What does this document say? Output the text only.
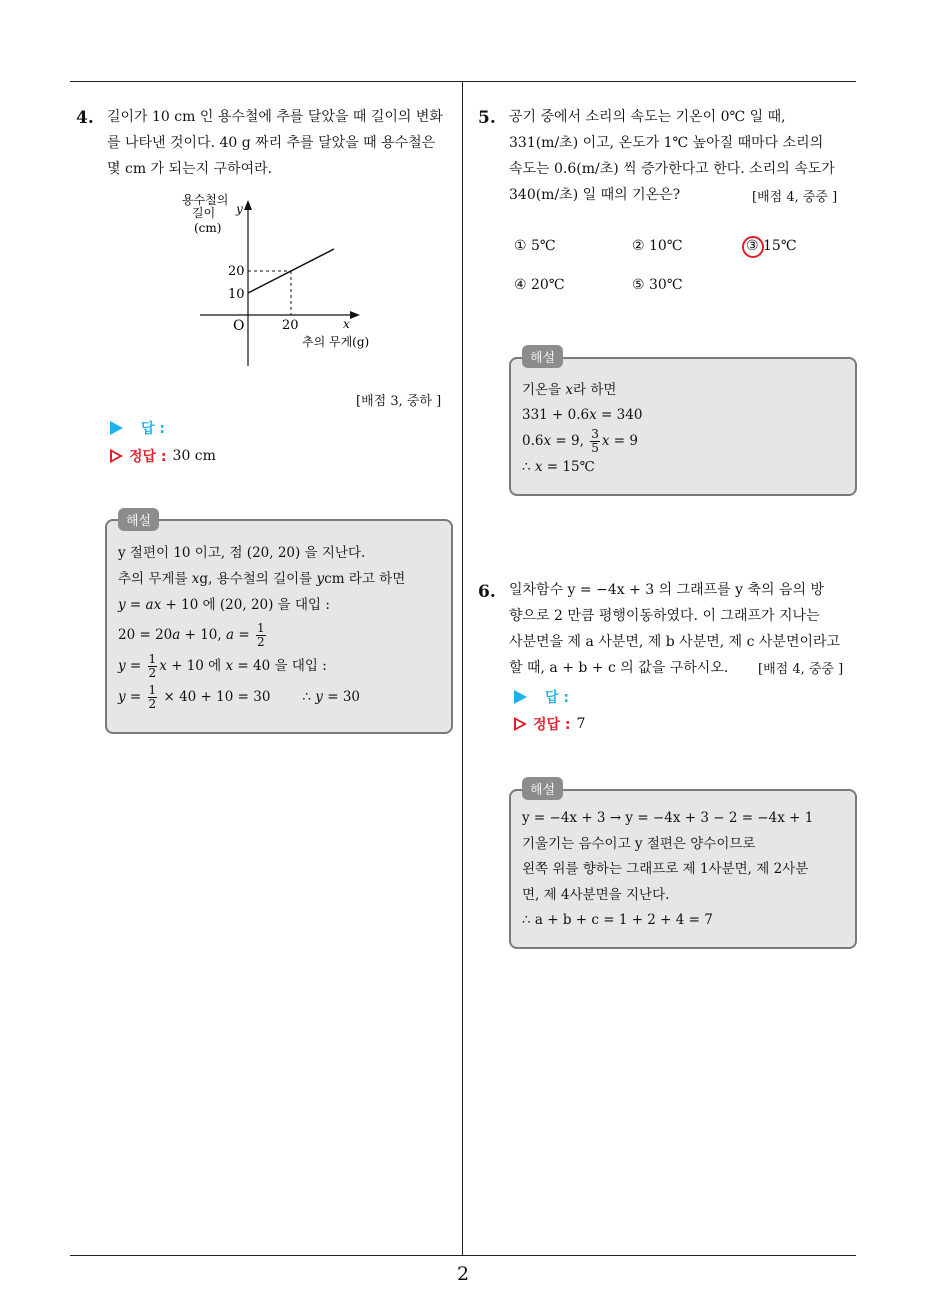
2
4. 길이가 10 cm 인 용수철에 추를 달았을 때 길이의 변화

를 나타낸 것이다. 40 g 짜리 추를 달았을 때 용수철은

몇 cm 가 되는지 구하여라.

용수철의
길이
(cm)
y
x
O
20
10
20
추의 무게(g)
[배점 3, 중하 ]
답 :
정답 : 30 cm
해설

y 절편이 10 이고, 점 (20, 20) 을 지난다.

추의 무게를 xg, 용수철의 길이를 ycm 라고 하면

y = ax + 10 에 (20, 20) 을 대입 :

20 = 20a + 10, $a = \frac{1}{2}$

$y = \frac{1}{2}$ x + 10 에 x = 40 을 대입 :

$y = \frac{1}{2} \times 40 + 10 = 30$ ∴ y = 30

5. 공기 중에서 소리의 속도는 기온이 0℃ 일 때,

331(m/초) 이고, 온도가 1℃ 높아질 때마다 소리의

속도는 0.6(m/초) 씩 증가한다고 한다. 소리의 속도가

340(m/초) 일 때의 기온은?	[배점 4, 중중 ]
① 5℃	② 10℃	③ 15℃
④ 20℃	⑤ 30℃
해설

기온을 x라 하면

331 + 0.6x = 340

0.6x = 9, $\frac{3}{5}$ x = 9

∴ x = 15℃

6. 일차함수 y = −4x + 3 의 그래프를 y 축의 음의 방

향으로 2 만큼 평행이동하였다. 이 그래프가 지나는

사분면을 제 a 사분면, 제 b 사분면, 제 c 사분면이라고

할 때, a + b + c 의 값을 구하시오.	[배점 4, 중중 ]
답 :
정답 : 7
해설

y = −4x + 3 → y = −4x + 3 − 2 = −4x + 1

기울기는 음수이고 y 절편은 양수이므로

왼쪽 위를 향하는 그래프로 제 1사분면, 제 2사분

면, 제 4사분면을 지난다.

∴ a + b + c = 1 + 2 + 4 = 7
